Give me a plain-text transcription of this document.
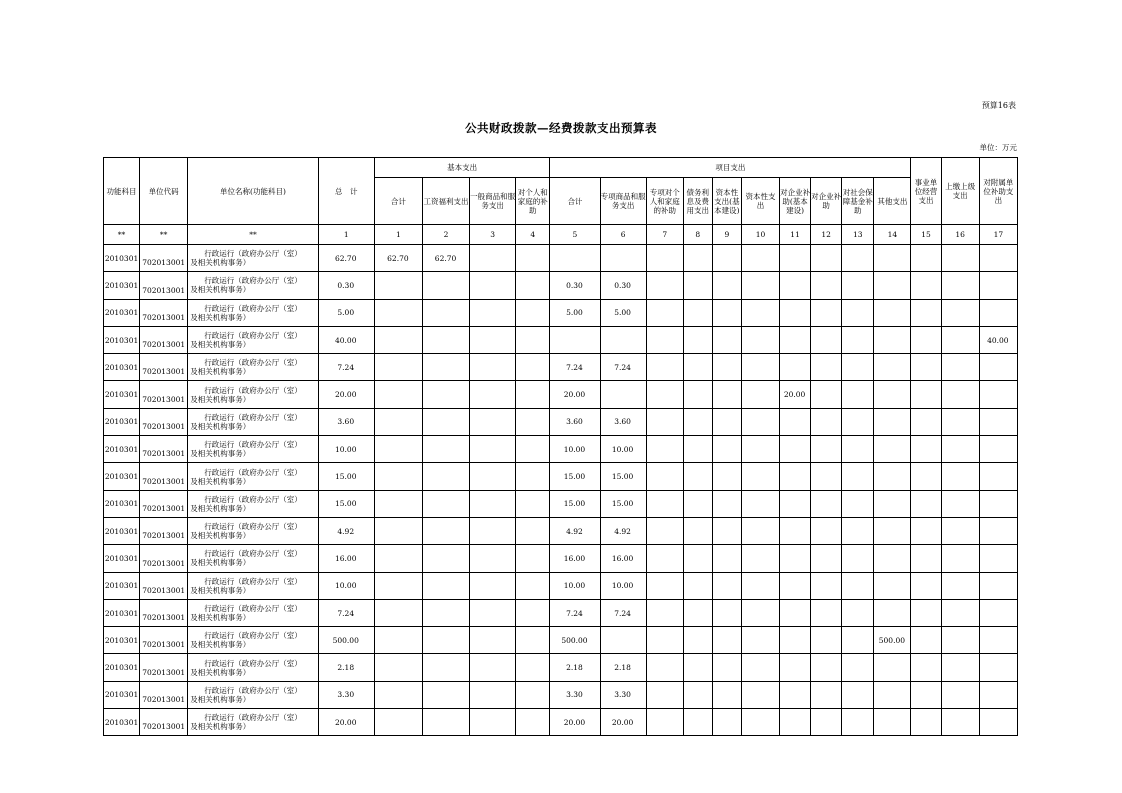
预算16表
公共财政拨款—经费拨款支出预算表
单位：万元
功能科目	单位代码	单位名称(功能科目)	总　计	基本支出				项目支出										事业单位经营支出	上缴上级支出	对附属单位补助支出
				合计	工资福利支出	一般商品和服务支出	对个人和家庭的补助	合计	专项商品和服务支出	专项对个人和家庭的补助	债务利息及费用支出	资本性支出(基本建设)	资本性支出	对企业补助(基本建设)	对企业补助	对社会保障基金补助	其他支出			
**	**	**	1	1	2	3	4	5	6	7	8	9	10	11	12	13	14	15	16	17
2010301	702013001	行政运行（政府办公厅（室）
及相关机构事务）	62.70	62.70	62.70															
2010301	702013001	行政运行（政府办公厅（室）
及相关机构事务）	0.30					0.30	0.30											
2010301	702013001	行政运行（政府办公厅（室）
及相关机构事务）	5.00					5.00	5.00											
2010301	702013001	行政运行（政府办公厅（室）
及相关机构事务）	40.00																	40.00
2010301	702013001	行政运行（政府办公厅（室）
及相关机构事务）	7.24					7.24	7.24											
2010301	702013001	行政运行（政府办公厅（室）
及相关机构事务）	20.00					20.00						20.00						
2010301	702013001	行政运行（政府办公厅（室）
及相关机构事务）	3.60					3.60	3.60											
2010301	702013001	行政运行（政府办公厅（室）
及相关机构事务）	10.00					10.00	10.00											
2010301	702013001	行政运行（政府办公厅（室）
及相关机构事务）	15.00					15.00	15.00											
2010301	702013001	行政运行（政府办公厅（室）
及相关机构事务）	15.00					15.00	15.00											
2010301	702013001	行政运行（政府办公厅（室）
及相关机构事务）	4.92					4.92	4.92											
2010301	702013001	行政运行（政府办公厅（室）
及相关机构事务）	16.00					16.00	16.00											
2010301	702013001	行政运行（政府办公厅（室）
及相关机构事务）	10.00					10.00	10.00											
2010301	702013001	行政运行（政府办公厅（室）
及相关机构事务）	7.24					7.24	7.24											
2010301	702013001	行政运行（政府办公厅（室）
及相关机构事务）	500.00					500.00									500.00			
2010301	702013001	行政运行（政府办公厅（室）
及相关机构事务）	2.18					2.18	2.18											
2010301	702013001	行政运行（政府办公厅（室）
及相关机构事务）	3.30					3.30	3.30											
2010301	702013001	行政运行（政府办公厅（室）
及相关机构事务）	20.00					20.00	20.00											
